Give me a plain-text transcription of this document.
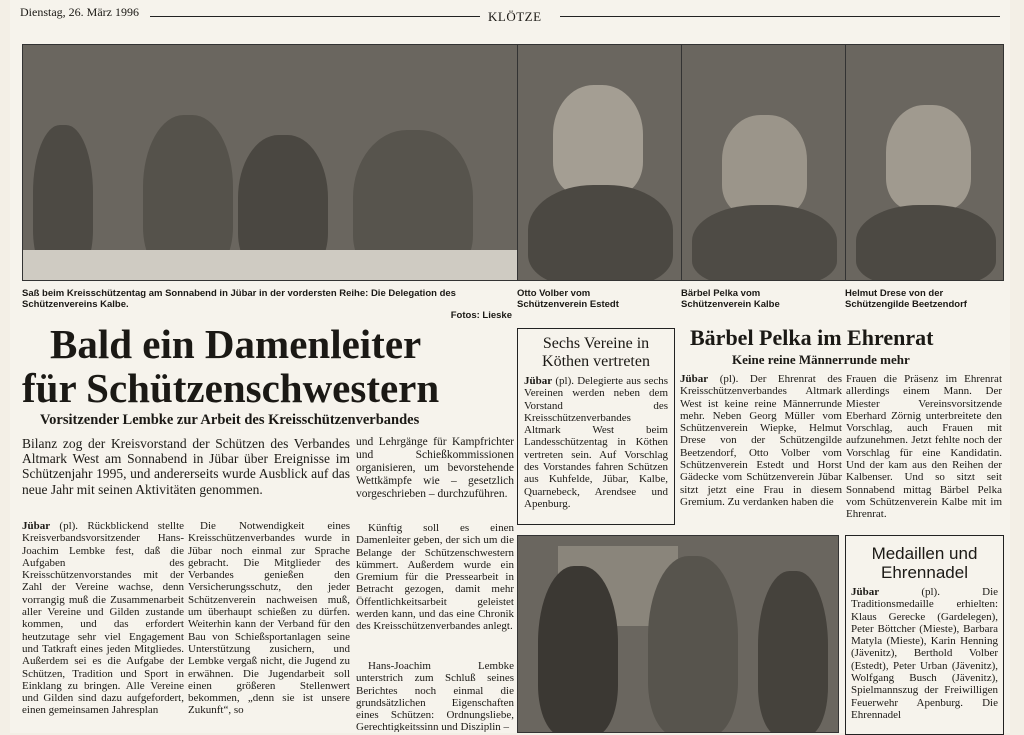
Dienstag, 26. März 1996	KLÖTZE
Saß beim Kreisschützentag am Sonnabend in Jübar in der vordersten Reihe: Die Delegation des Schützenvereins Kalbe.
Fotos: Lieske
Otto Volber vom Schützenverein Estedt
Bärbel Pelka vom Schützenverein Kalbe
Helmut Drese von der Schützengilde Beetzendorf
Bald ein Damenleiter
für Schützenschwestern
Vorsitzender Lembke zur Arbeit des Kreisschützenverbandes
Bilanz zog der Kreisvorstand der Schützen des Verbandes Altmark West am Sonnabend in Jübar über Ereignisse im Schützenjahr 1995, und andererseits wurde Ausblick auf das neue Jahr mit seinen Aktivitäten genommen.
und Lehrgänge für Kampfrichter und Schießkommissionen organisieren, um bevorstehende Wettkämpfe wie – gesetzlich vorgeschrieben – durchzuführen.
Jübar (pl). Rückblickend stellte Kreisverbandsvorsitzender Hans-Joachim Lembke fest, daß die Aufgaben des Kreisschützenvorstandes mit der Zahl der Vereine wachse, denn vorrangig muß die Zusammenarbeit aller Vereine und Gilden zustande kommen, und das erfordert heutzutage sehr viel Engagement und Tatkraft eines jeden Mitgliedes. Außerdem sei es die Aufgabe der Schützen, Tradition und Sport in Einklang zu bringen. Alle Vereine und Gilden sind dazu aufgefordert, einen gemeinsamen Jahresplan
Die Notwendigkeit eines Kreisschützenverbandes wurde in Jübar noch einmal zur Sprache gebracht. Die Mitglieder des Verbandes genießen den Versicherungsschutz, den jeder Schützenverein nachweisen muß, um überhaupt schießen zu dürfen. Weiterhin kann der Verband für den Bau von Schießsportanlagen seine Unterstützung zusichern, und Lembke vergaß nicht, die Jugend zu erwähnen. Die Jugendarbeit soll einen größeren Stellenwert bekommen, „denn sie ist unsere Zukunft“, so
Künftig soll es einen Damenleiter geben, der sich um die Belange der Schützenschwestern kümmert. Außerdem wurde ein Gremium für die Pressearbeit in Betracht gezogen, damit mehr Öffentlichkeitsarbeit geleistet werden kann, und das eine Chronik des Kreisschützenverbandes anlegt.
Hans-Joachim Lembke unterstrich zum Schluß seines Berichtes noch einmal die grundsätzlichen Eigenschaften eines Schützen: Ordnungsliebe, Gerechtigkeitssinn und Disziplin –
Sechs Vereine in Köthen vertreten
Jübar (pl). Delegierte aus sechs Vereinen werden neben dem Vorstand des Kreisschützenverbandes Altmark West beim Landesschützentag in Köthen vertreten sein. Auf Vorschlag des Vorstandes fahren Schützen aus Kuhfelde, Jübar, Kalbe, Quarnebeck, Arendsee und Apenburg.
Bärbel Pelka im Ehrenrat
Keine reine Männerrunde mehr
Jübar (pl). Der Ehrenrat des Kreisschützenverbandes Altmark West ist keine reine Männerrunde mehr. Neben Georg Müller vom Schützenverein Wiepke, Helmut Drese von der Schützengilde Beetzendorf, Otto Volber vom Schützenverein Estedt und Horst Gädecke vom Schützenverein Jübar sitzt jetzt eine Frau in diesem Gremium. Zu verdanken haben die
Frauen die Präsenz im Ehrenrat allerdings einem Mann. Der Miester Vereinsvorsitzende Eberhard Zörnig unterbreitete den Vorschlag, auch Frauen mit aufzunehmen. Jetzt fehlte noch der Vorschlag für eine Kandidatin. Und der kam aus den Reihen der Kalbenser. Und so sitzt seit Sonnabend mittag Bärbel Pelka vom Schützenverein Kalbe mit im Ehrenrat.
Medaillen und
Ehrennadel
Jübar	(pl). Die Traditionsmedaille erhielten: Klaus Gerecke (Gardelegen), Peter Böttcher (Mieste), Barbara Matyla (Mieste), Karin Henning (Jävenitz), Berthold Volber (Estedt), Peter Urban (Jävenitz), Wolfgang Busch (Jävenitz), Spielmannszug der Freiwilligen Feuerwehr Apenburg. Die Ehrennadel
